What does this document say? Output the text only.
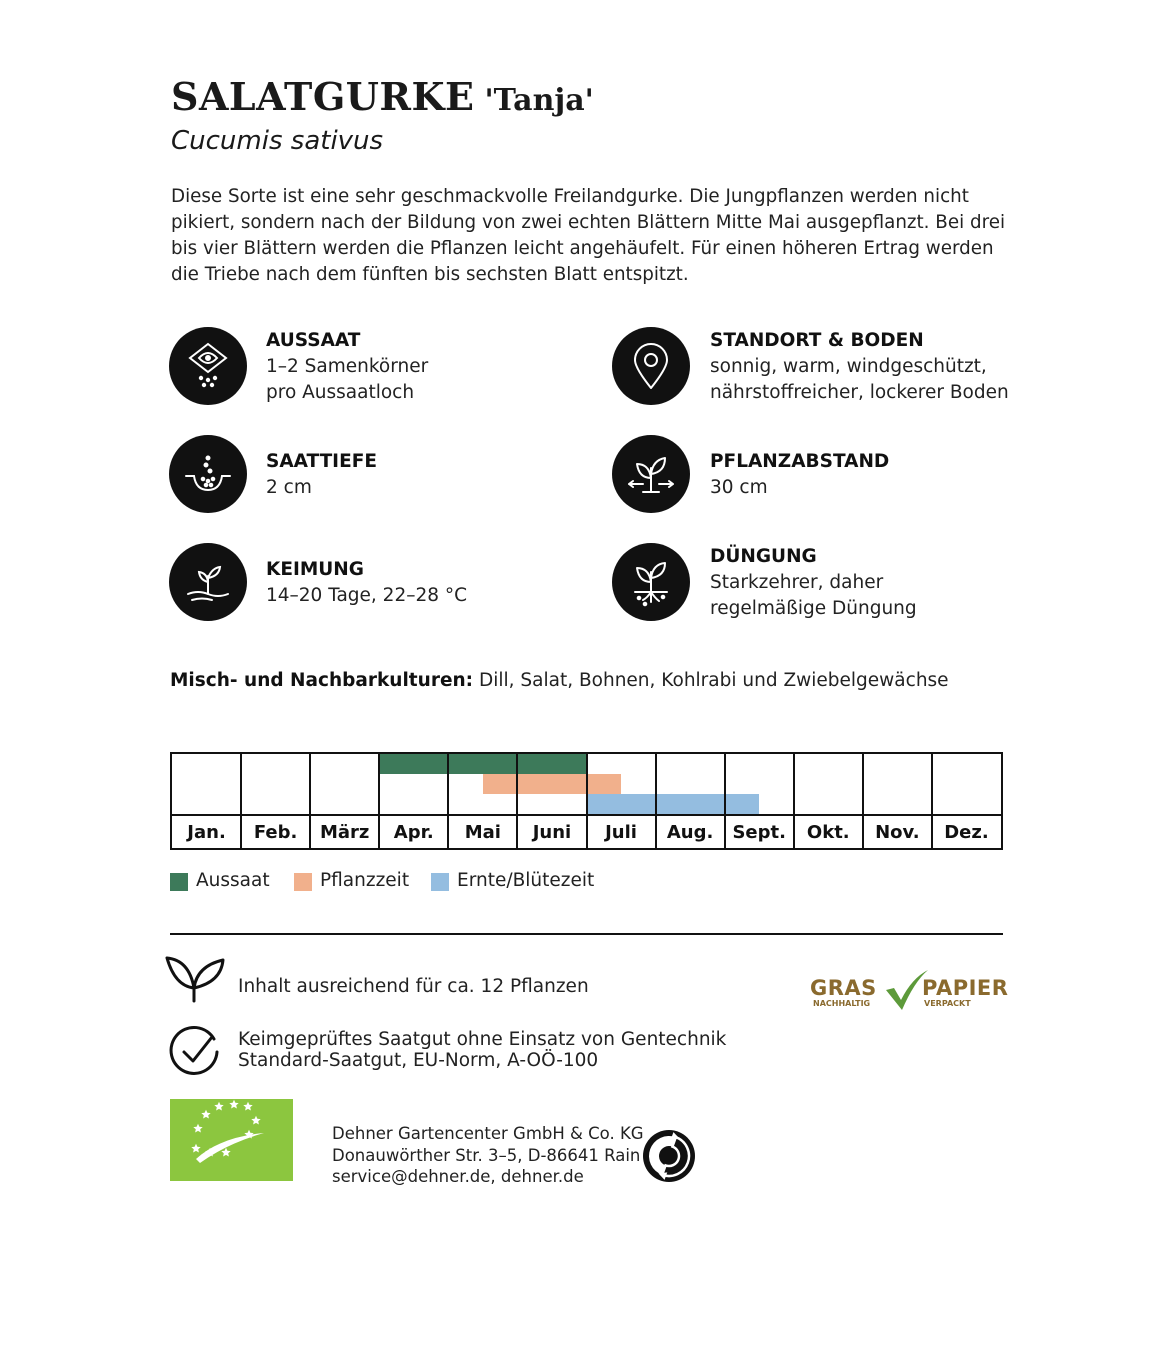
SALATGURKE 'Tanja'
Cucumis sativus
Diese Sorte ist eine sehr geschmackvolle Freilandgurke. Die Jungpflanzen werden nicht pikiert, sondern nach der Bildung von zwei echten Blättern Mitte Mai ausgepflanzt. Bei drei bis vier Blättern werden die Pflanzen leicht angehäufelt. Für einen höheren Ertrag werden die Triebe nach dem fünften bis sechsten Blatt entspitzt.
AUSSAAT
1–2 Samenkörner
pro Aussaatloch
SAATTIEFE
2 cm
KEIMUNG
14–20 Tage, 22–28 °C
STANDORT & BODEN
sonnig, warm, windgeschützt,
nährstoffreicher, lockerer Boden
PFLANZABSTAND
30 cm
DÜNGUNG
Starkzehrer, daher
regelmäßige Düngung
Misch- und Nachbarkulturen: Dill, Salat, Bohnen, Kohlrabi und Zwiebelgewächse
Jan.	Feb.	März	Apr.	Mai	Juni	Juli	Aug.	Sept.	Okt.	Nov.	Dez.
Aussaat	Pflanzzeit	Ernte/Blütezeit
Inhalt ausreichend für ca. 12 Pflanzen
Keimgeprüftes Saatgut ohne Einsatz von Gentechnik
Standard-Saatgut, EU-Norm, A-OÖ-100
GRAS
NACHHALTIG
PAPIER
VERPACKT
Dehner Gartencenter GmbH & Co. KG
Donauwörther Str. 3–5, D-86641 Rain
service@dehner.de, dehner.de
